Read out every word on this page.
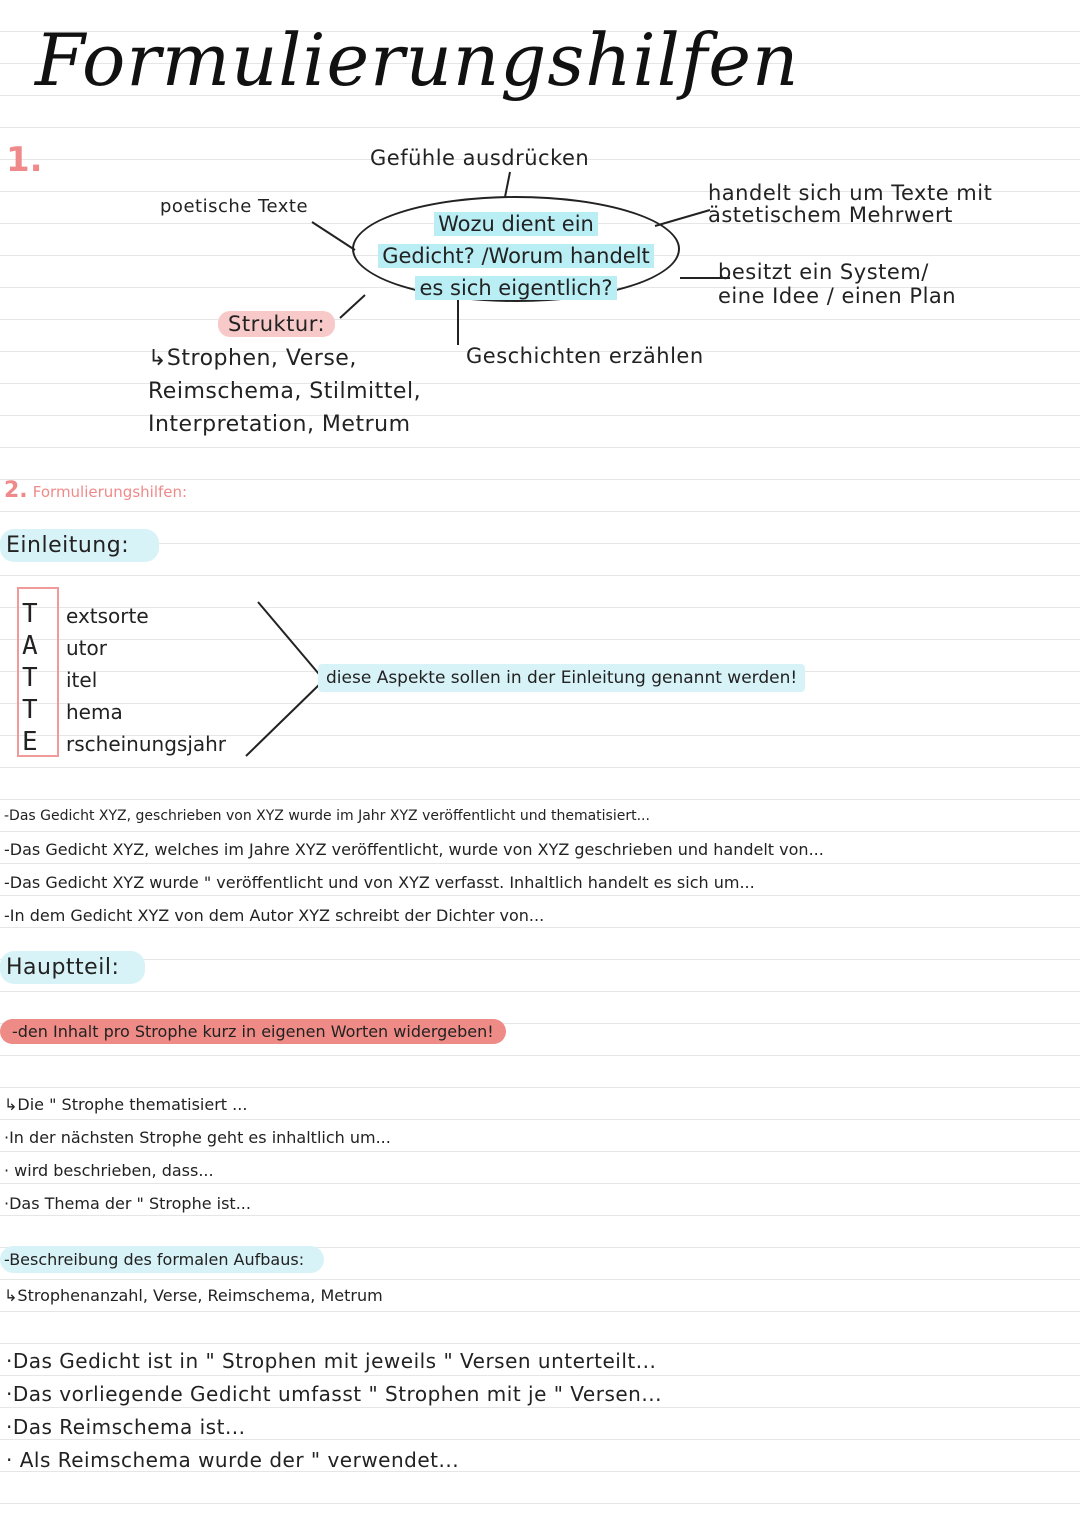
Formulierungshilfen
1.
Wozu dient ein
Gedicht? /Worum handelt
es sich eigentlich?
Gefühle ausdrücken
poetische Texte
handelt sich um Texte mit
ästetischem Mehrwert
besitzt ein System/
eine Idee / einen Plan
Geschichten erzählen
Struktur:
↳Strophen, Verse,
Reimschema, Stilmittel,
Interpretation, Metrum
2. Formulierungshilfen:
Einleitung:
T extsorte
A utor
T itel
T hema
E rscheinungsjahr
diese Aspekte sollen in der Einleitung genannt werden!
-Das Gedicht XYZ, geschrieben von XYZ wurde im Jahr XYZ veröffentlicht und thematisiert...
-Das Gedicht XYZ, welches im Jahre XYZ veröffentlicht, wurde von XYZ geschrieben und handelt von...
-Das Gedicht XYZ wurde " veröffentlicht und von XYZ verfasst. Inhaltlich handelt es sich um...
-In dem Gedicht XYZ von dem Autor XYZ schreibt der Dichter von...
Hauptteil:
-den Inhalt pro Strophe kurz in eigenen Worten widergeben!
↳Die " Strophe thematisiert ...
·In der nächsten Strophe geht es inhaltlich um...
· wird beschrieben, dass...
·Das Thema der " Strophe ist...
-Beschreibung des formalen Aufbaus:
↳Strophenanzahl, Verse, Reimschema, Metrum
·Das Gedicht ist in " Strophen mit jeweils " Versen unterteilt...
·Das vorliegende Gedicht umfasst " Strophen mit je " Versen...
·Das Reimschema ist...
· Als Reimschema wurde der " verwendet...
